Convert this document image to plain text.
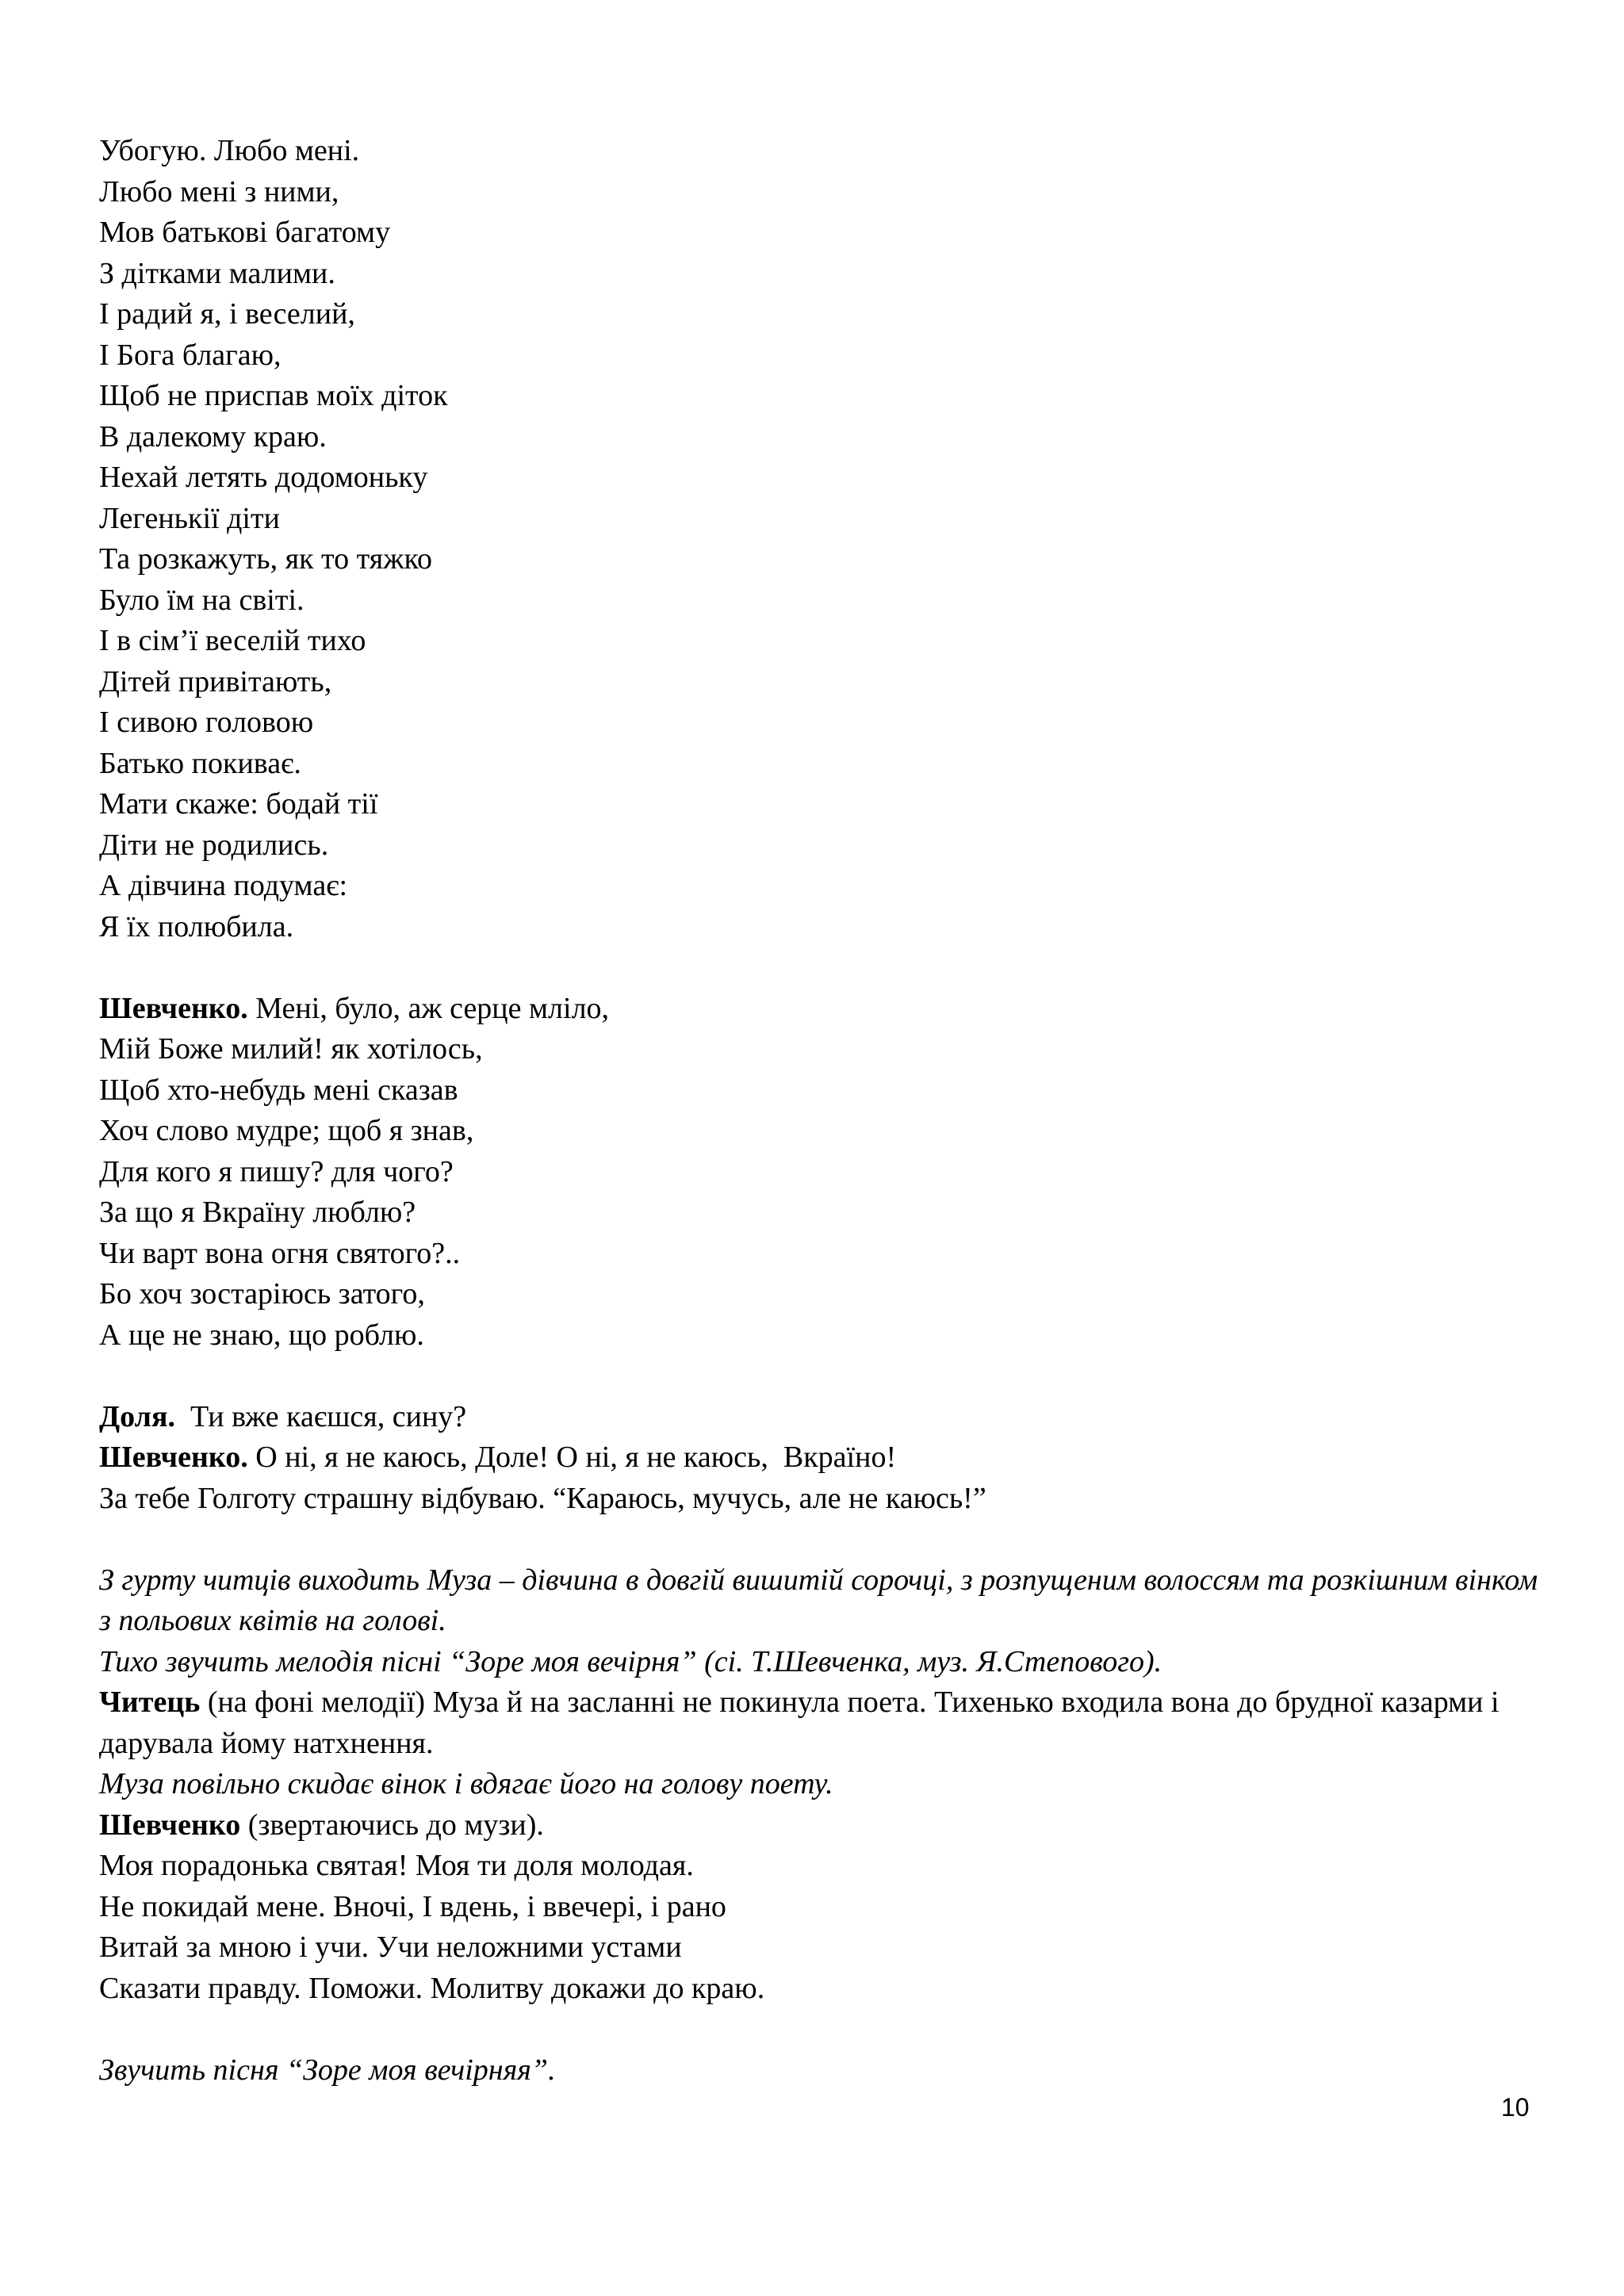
Убогую. Любо мені.
Любо мені з ними,
Мов батькові багатому
З дітками малими.
І радий я, і веселий,
І Бога благаю,
Щоб не приспав моїх діток
В далекому краю.
Нехай летять додомоньку
Легенькії діти
Та розкажуть, як то тяжко
Було їм на світі.
І в сім’ї веселій тихо
Дітей привітають,
І сивою головою
Батько покиває.
Мати скаже: бодай тії
Діти не родились.
А дівчина подумає:
Я їх полюбила.
Шевченко. Мені, було, аж серце мліло,
Мій Боже милий! як хотілось,
Щоб хто-небудь мені сказав
Хоч слово мудре; щоб я знав,
Для кого я пишу? для чого?
За що я Вкраїну люблю?
Чи варт вона огня святого?..
Бо хоч зостаріюсь затого,
А ще не знаю, що роблю.
Доля.  Ти вже каєшся, сину?
Шевченко. О ні, я не каюсь, Доле! О ні, я не каюсь,  Вкраїно!
За тебе Голготу страшну відбуваю. “Караюсь, мучусь, але не каюсь!”
З гурту читців виходить Муза – дівчина в довгій вишитій сорочці, з розпущеним волоссям та розкішним вінком з польових квітів на голові.
Тихо звучить мелодія пісні “Зоре моя вечірня” (сі. Т.Шевченка, муз. Я.Степового).
Читець (на фоні мелодії) Муза й на засланні не покинула поета. Тихенько входила вона до брудної казарми і дарувала йому натхнення.
Муза повільно скидає вінок і вдягає його на голову поету.
Шевченко (звертаючись до музи).
Моя порадонька святая! Моя ти доля молодая.
Не покидай мене. Вночі, І вдень, і ввечері, і рано
Витай за мною і учи. Учи неложними устами
Сказати правду. Поможи. Молитву докажи до краю.
Звучить пісня “Зоре моя вечірняя”.
10
